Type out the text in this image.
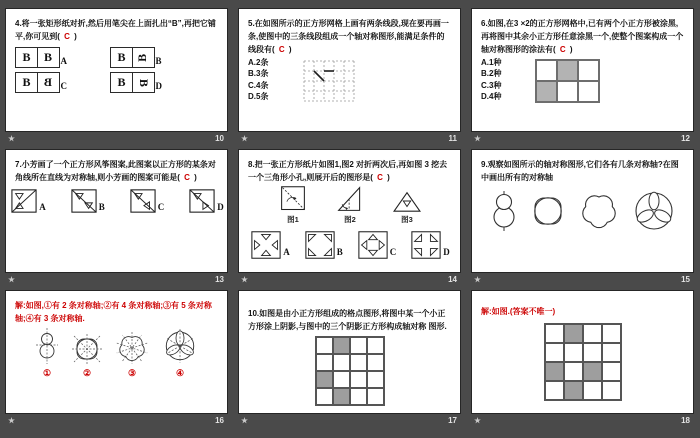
4.将一张矩形纸对折,然后用笔尖在上面扎出“B”,再把它铺平,你可见到( C )

B B A	B B B
B B C	B B D
10

5.在如图所示的正方形网格上画有两条线段,现在要再画一条,使图中的三条线段组成一个轴对称图形,能满足条件的线段有( C )

A.2条

B.3条

C.4条

D.5条

11

6.如图,在3 ×2的正方形网格中,已有两个小正方形被涂黑,再将图中其余小正方形任意涂黑一个,使整个图案构成一个轴对称图形的涂法有( C )

A.1种

B.2种

C.3种

D.4种

12

7.小芳画了一个正方形风筝图案,此图案以正方形的某条对角线所在直线为对称轴,则小芳画的图案可能是( C )

A	B	C	D
13

8.把一张正方形纸片如图1,图2 对折两次后,再如图 3 挖去一个三角形小孔,则展开后的图形是( C )

图1	图2	图3
A	B	C	D
14

9.观察如图所示的轴对称图形,它们各有几条对称轴?在图中画出所有的对称轴

15

解:如图,①有 2 条对称轴;②有 4 条对称轴;③有 5 条对称轴;④有 3 条对称轴.

①	②	③	④
16

10.如图是由小正方形组成的格点图形,将图中某一个小正方形涂上阴影,与图中的三个阴影正方形构成轴对称 图形.

17

解:如图.(答案不唯一)

18
